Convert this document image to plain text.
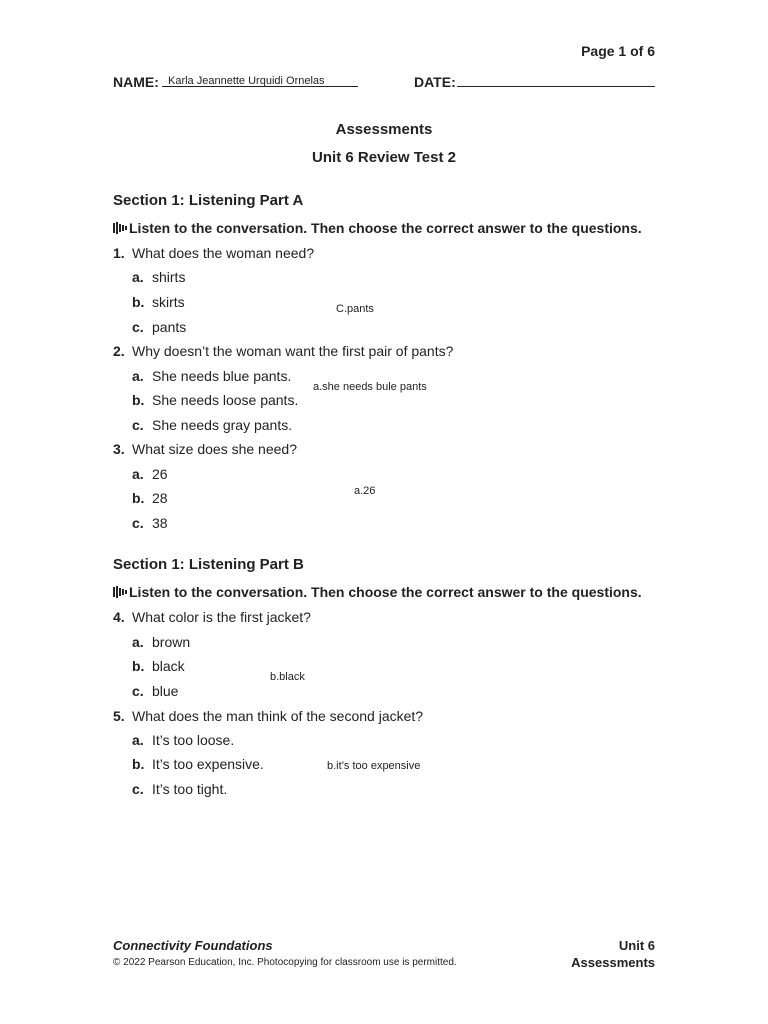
Page 1 of 6
NAME: Karla Jeannette Urquidi Ornelas	DATE:
Assessments
Unit 6 Review Test 2
Section 1: Listening Part A
Listen to the conversation. Then choose the correct answer to the questions.
1. What does the woman need?
a. shirts
b. skirts
c. pants
C.pants
2. Why doesn’t the woman want the first pair of pants?
a. She needs blue pants.
b. She needs loose pants.
c. She needs gray pants.
a.she needs bule pants
3. What size does she need?
a. 26
b. 28
c. 38
a.26
Section 1: Listening Part B
Listen to the conversation. Then choose the correct answer to the questions.
4. What color is the first jacket?
a. brown
b. black
c. blue
b.black
5. What does the man think of the second jacket?
a. It’s too loose.
b. It’s too expensive.
c. It’s too tight.
b.it’s too expensive
Connectivity Foundations
© 2022 Pearson Education, Inc. Photocopying for classroom use is permitted.
Unit 6
Assessments
